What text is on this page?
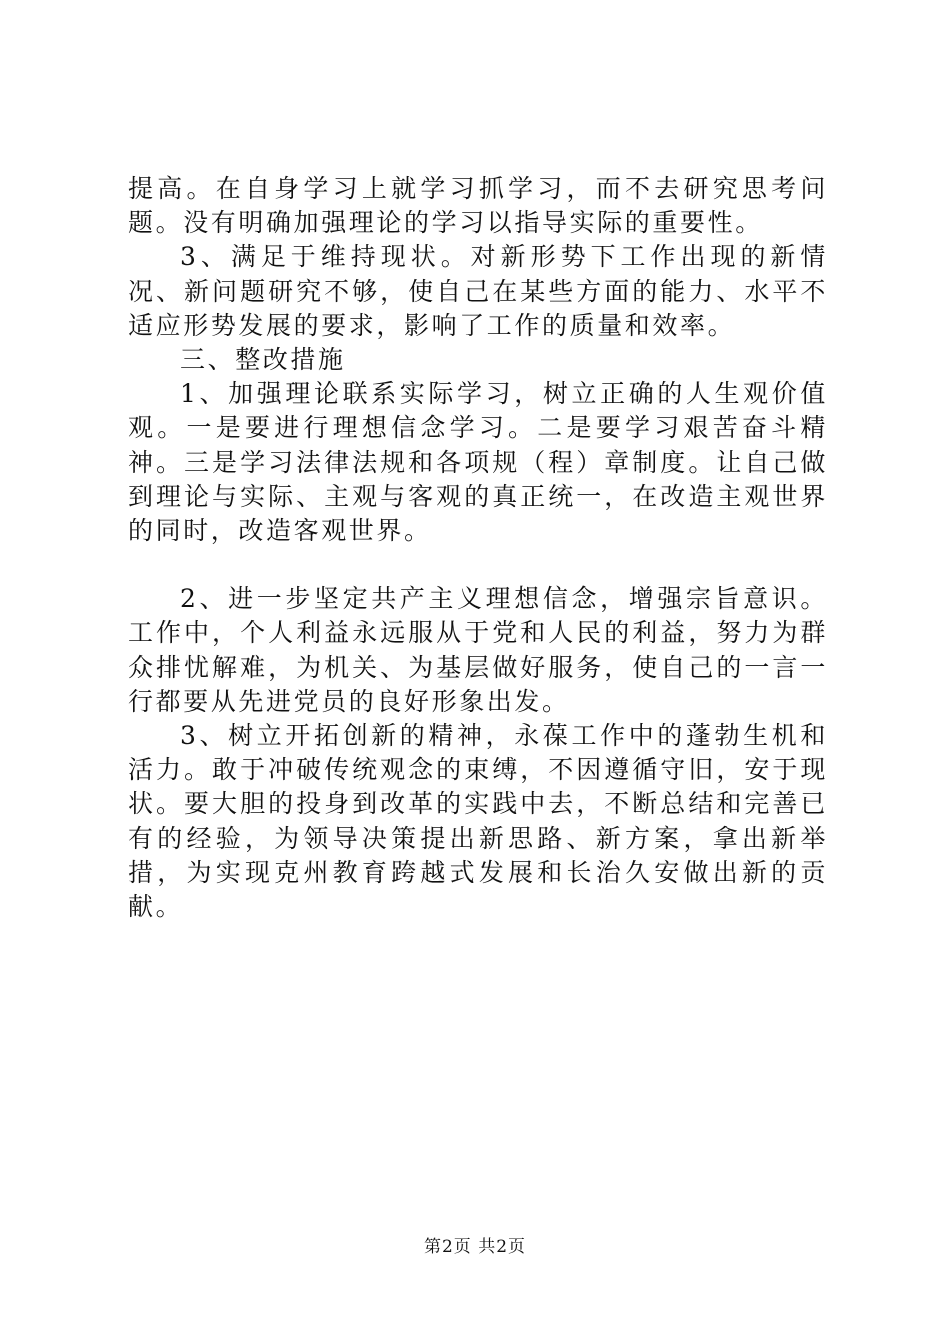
提高。在自身学习上就学习抓学习，而不去研究思考问题。没有明确加强理论的学习以指导实际的重要性。

3、满足于维持现状。对新形势下工作出现的新情况、新问题研究不够，使自己在某些方面的能力、水平不适应形势发展的要求，影响了工作的质量和效率。

三、整改措施

1、加强理论联系实际学习，树立正确的人生观价值观。一是要进行理想信念学习。二是要学习艰苦奋斗精神。三是学习法律法规和各项规（程）章制度。让自己做到理论与实际、主观与客观的真正统一，在改造主观世界的同时，改造客观世界。

2、进一步坚定共产主义理想信念，增强宗旨意识。工作中，个人利益永远服从于党和人民的利益，努力为群众排忧解难，为机关、为基层做好服务，使自己的一言一行都要从先进党员的良好形象出发。

3、树立开拓创新的精神，永葆工作中的蓬勃生机和活力。敢于冲破传统观念的束缚，不因遵循守旧，安于现状。要大胆的投身到改革的实践中去，不断总结和完善已有的经验，为领导决策提出新思路、新方案，拿出新举措，为实现克州教育跨越式发展和长治久安做出新的贡献。

第2页 共2页
